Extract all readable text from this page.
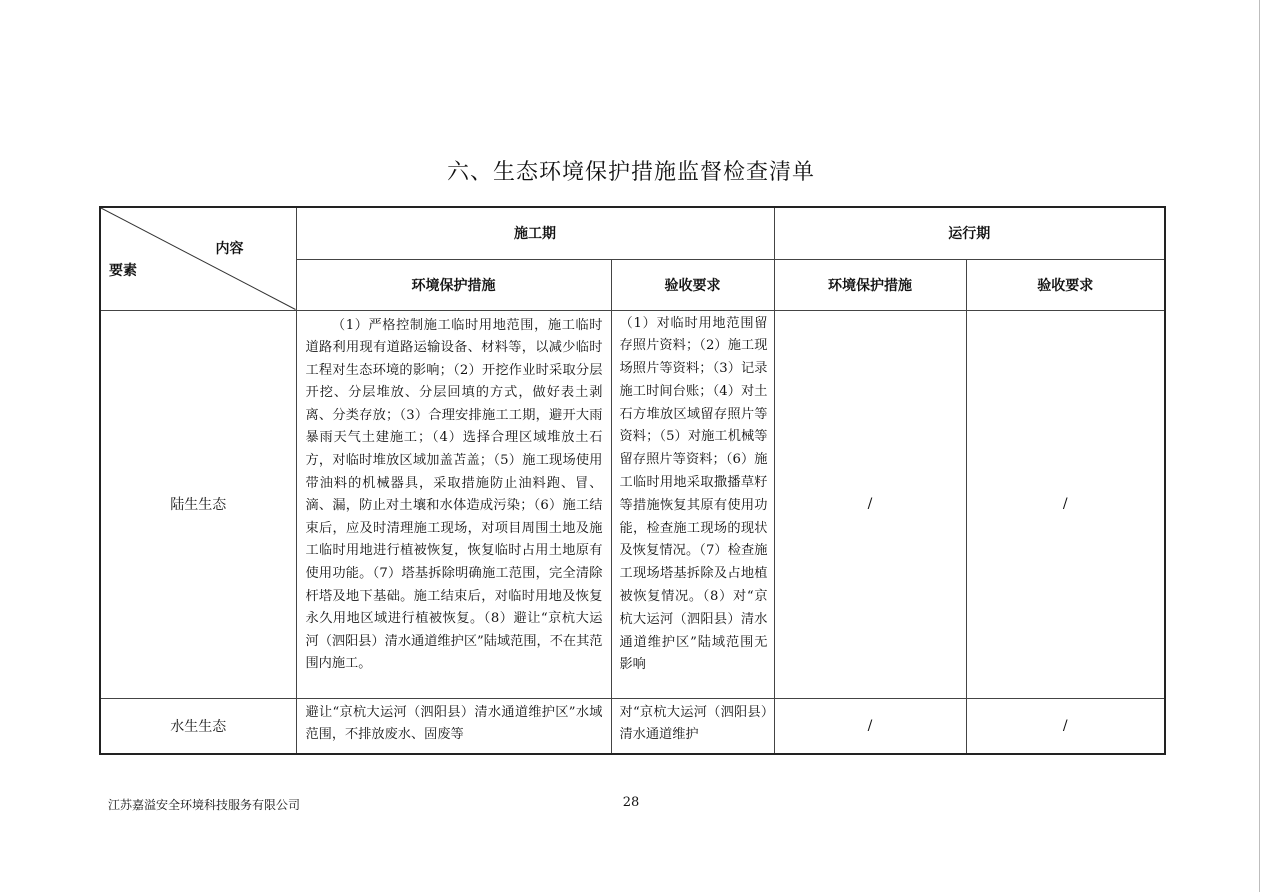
六、生态环境保护措施监督检查清单
内容
要素	施工期		运行期	
	环境保护措施	验收要求	环境保护措施	验收要求
陆生生态	（1）严格控制施工临时用地范围，施工临时道路利用现有道路运输设备、材料等，以减少临时工程对生态环境的影响；（2）开挖作业时采取分层开挖、分层堆放、分层回填的方式，做好表土剥离、分类存放；（3）合理安排施工工期，避开大雨暴雨天气土建施工；（4）选择合理区域堆放土石方，对临时堆放区域加盖苫盖；（5）施工现场使用带油料的机械器具，采取措施防止油料跑、冒、滴、漏，防止对土壤和水体造成污染；（6）施工结束后，应及时清理施工现场，对项目周围土地及施工临时用地进行植被恢复，恢复临时占用土地原有使用功能。（7）塔基拆除明确施工范围，完全清除杆塔及地下基础。施工结束后，对临时用地及恢复永久用地区域进行植被恢复。（8）避让“京杭大运河（泗阳县）清水通道维护区”陆域范围，不在其范围内施工。	（1）对临时用地范围留存照片资料；（2）施工现场照片等资料；（3）记录施工时间台账；（4）对土石方堆放区域留存照片等资料；（5）对施工机械等留存照片等资料；（6）施工临时用地采取撒播草籽等措施恢复其原有使用功能，检查施工现场的现状及恢复情况。（7）检查施工现场塔基拆除及占地植被恢复情况。（8）对“京杭大运河（泗阳县）清水通道维护区”陆域范围无影响	/	/
水生生态	避让“京杭大运河（泗阳县）清水通道维护区”水域范围，不排放废水、固废等	对“京杭大运河（泗阳县）清水通道维护	/	/
江苏嘉溢安全环境科技服务有限公司	28
